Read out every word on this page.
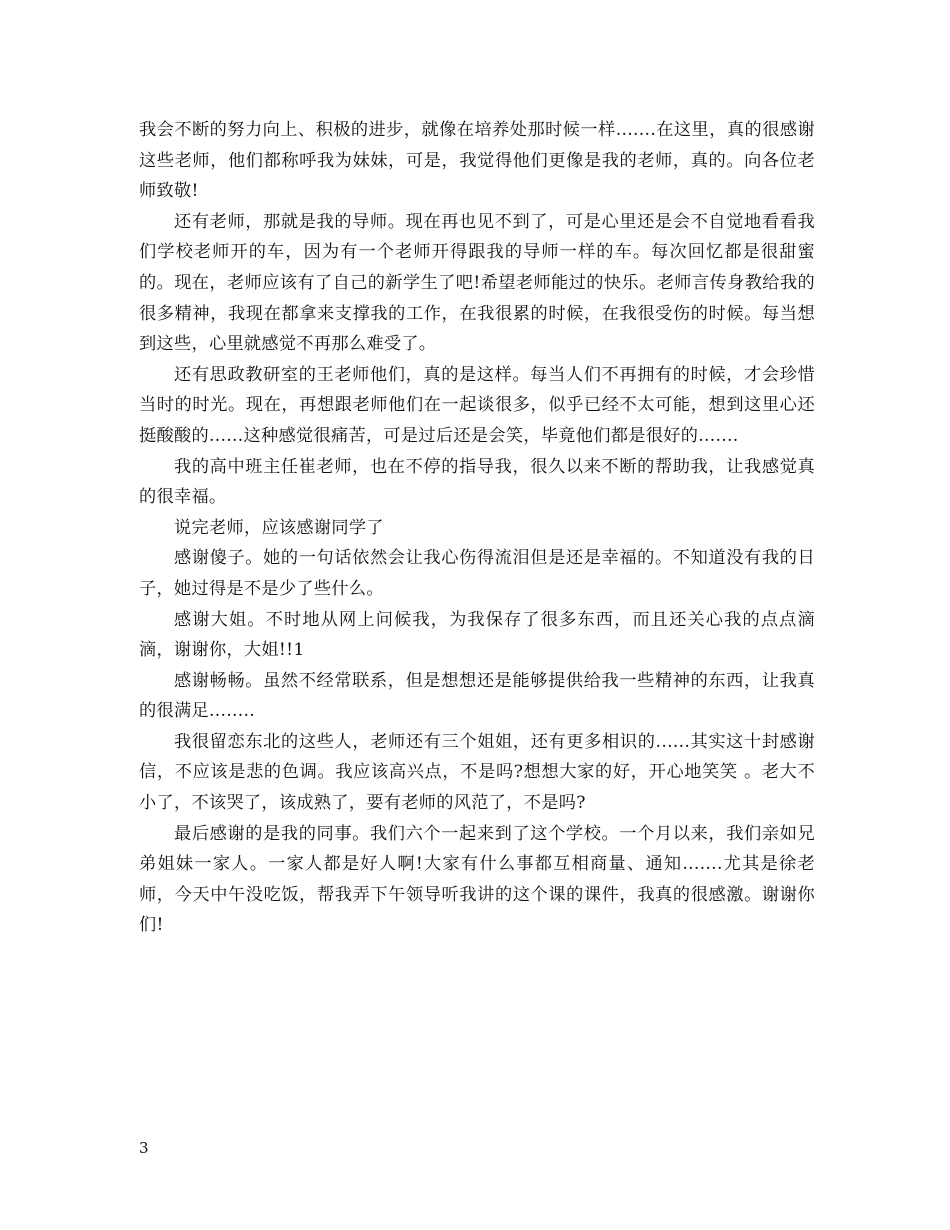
我会不断的努力向上、积极的进步，就像在培养处那时候一样.......在这里，真的很感谢这些老师，他们都称呼我为妹妹，可是，我觉得他们更像是我的老师，真的。向各位老师致敬!

还有老师，那就是我的导师。现在再也见不到了，可是心里还是会不自觉地看看我们学校老师开的车，因为有一个老师开得跟我的导师一样的车。每次回忆都是很甜蜜的。现在，老师应该有了自己的新学生了吧!希望老师能过的快乐。老师言传身教给我的很多精神，我现在都拿来支撑我的工作，在我很累的时候，在我很受伤的时候。每当想到这些，心里就感觉不再那么难受了。

还有思政教研室的王老师他们，真的是这样。每当人们不再拥有的时候，才会珍惜当时的时光。现在，再想跟老师他们在一起谈很多，似乎已经不太可能，想到这里心还挺酸酸的......这种感觉很痛苦，可是过后还是会笑，毕竟他们都是很好的.......

我的高中班主任崔老师，也在不停的指导我，很久以来不断的帮助我，让我感觉真的很幸福。

说完老师，应该感谢同学了

感谢傻子。她的一句话依然会让我心伤得流泪但是还是幸福的。不知道没有我的日子，她过得是不是少了些什么。

感谢大姐。不时地从网上问候我，为我保存了很多东西，而且还关心我的点点滴滴，谢谢你，大姐!!1

感谢畅畅。虽然不经常联系，但是想想还是能够提供给我一些精神的东西，让我真的很满足........

我很留恋东北的这些人，老师还有三个姐姐，还有更多相识的......其实这十封感谢信，不应该是悲的色调。我应该高兴点，不是吗?想想大家的好，开心地笑笑 。老大不小了，不该哭了，该成熟了，要有老师的风范了，不是吗?

最后感谢的是我的同事。我们六个一起来到了这个学校。一个月以来，我们亲如兄弟姐妹一家人。一家人都是好人啊!大家有什么事都互相商量、通知.......尤其是徐老师，今天中午没吃饭，帮我弄下午领导听我讲的这个课的课件，我真的很感激。谢谢你们!

3
